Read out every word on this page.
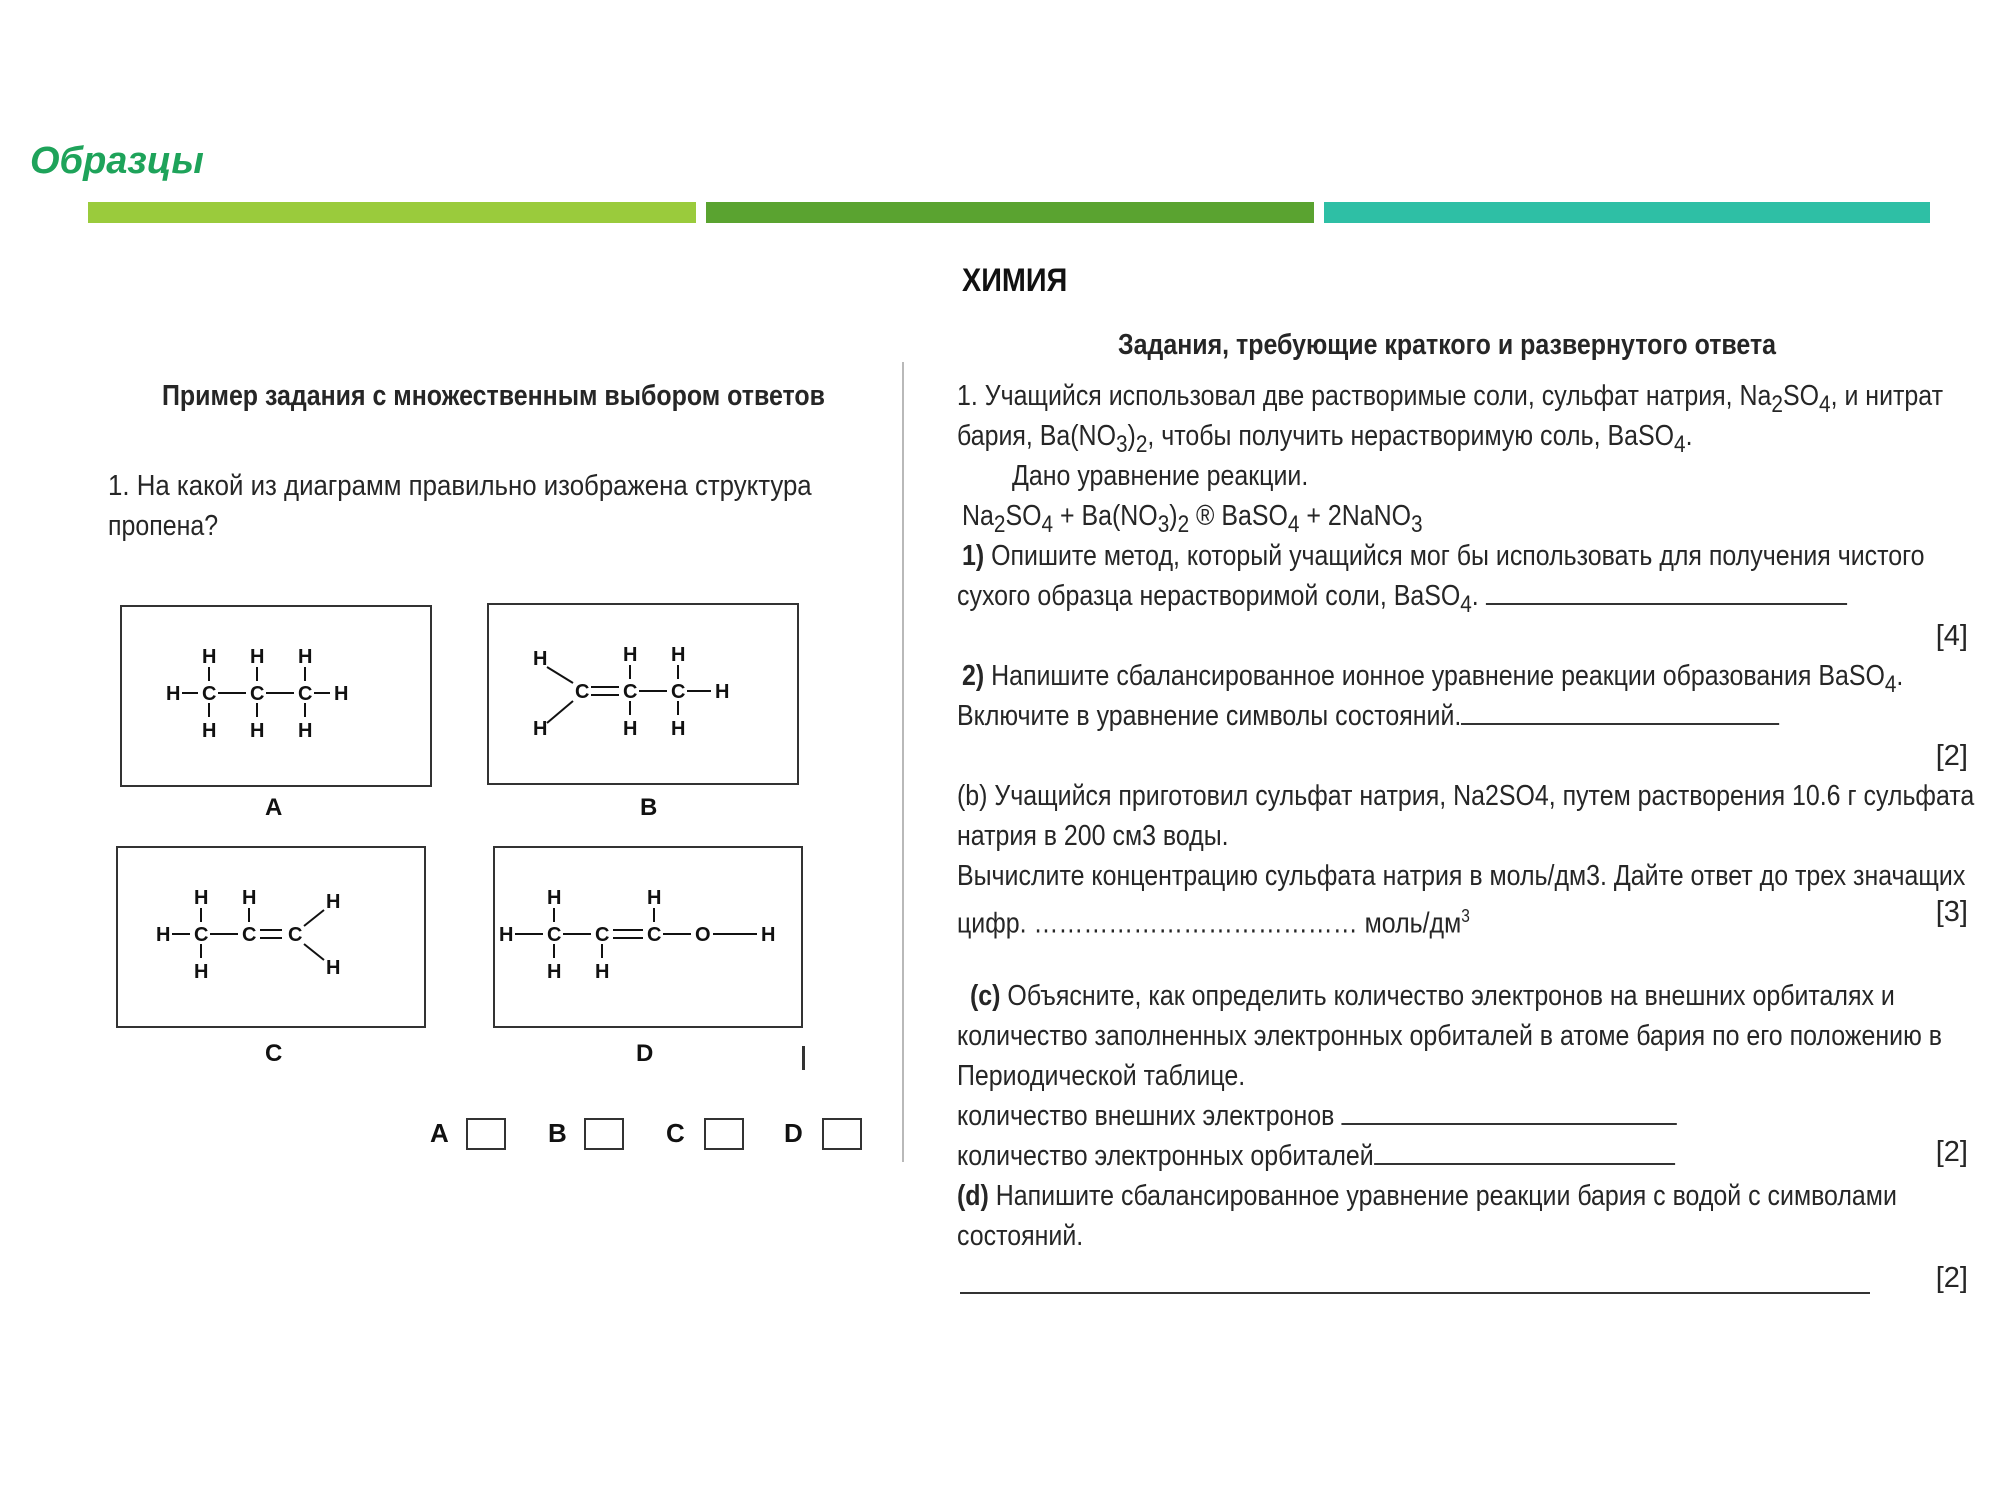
Образцы
ХИМИЯ
Пример задания с множественным выбором ответов
1. На какой из диаграмм правильно изображена структура
пропена?
H C C C H
H H H
H H H
A
H
H
C C C H
H H
H H
B
H C C C
H
H
H H
H
C
H C C C O	H
H	H
H H
D
A	B	C	D
Задания, требующие краткого и развернутого ответа
1. Учащийся использовал две растворимые соли, сульфат натрия, $Na_2SO_4$, и нитрат
бария, $Ba(NO_3)_2$, чтобы получить нерастворимую соль, BaSO$_4$.
Дано уравнение реакции.
$Na_2SO_4 + Ba(NO_3)_2$ ® BaSO$_4$ + 2NaNO$_3$
1) Опишите метод, который учащийся мог бы использовать для получения чистого
сухого образца нерастворимой соли, BaSO$_4$.
[4]
2) Напишите сбалансированное ионное уравнение реакции образования BaSO$_4$.
Включите в уравнение символы состояний.
[2]
(b) Учащийся приготовил сульфат натрия, Na2SO4, путем растворения 10.6 г сульфата
натрия в 200 см3 воды.
Вычислите концентрацию сульфата натрия в моль/дм3. Дайте ответ до трех значащих
цифр. ………………………………… моль/$дм^3$	[3]
(c) Объясните, как определить количество электронов на внешних орбиталях и
количество заполненных электронных орбиталей в атоме бария по его положению в
Периодической таблице.
количество внешних электронов
количество электронных орбиталей	[2]
(d) Напишите сбалансированное уравнение реакции бария с водой с символами
состояний.
[2]
